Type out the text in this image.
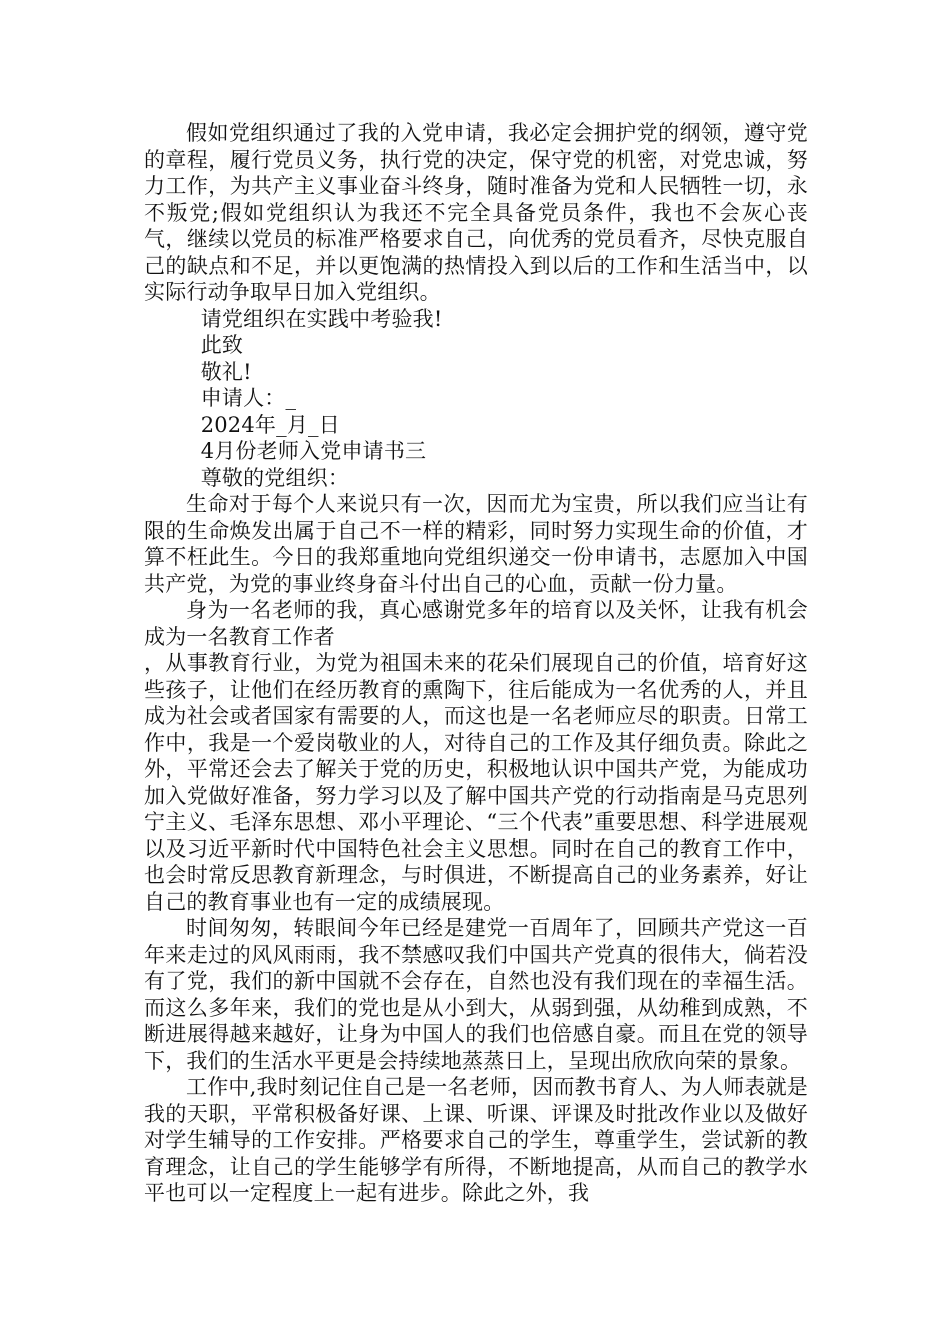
假如党组织通过了我的入党申请，我必定会拥护党的纲领，遵守党的章程，履行党员义务，执行党的决定，保守党的机密，对党忠诚，努力工作，为共产主义事业奋斗终身，随时准备为党和人民牺牲一切，永不叛党;假如党组织认为我还不完全具备党员条件，我也不会灰心丧气，继续以党员的标准严格要求自己，向优秀的党员看齐，尽快克服自己的缺点和不足，并以更饱满的热情投入到以后的工作和生活当中，以实际行动争取早日加入党组织。

请党组织在实践中考验我!

此致

敬礼!

申请人：_

2024年_月_日

4月份老师入党申请书三

尊敬的党组织：

生命对于每个人来说只有一次，因而尤为宝贵，所以我们应当让有限的生命焕发出属于自己不一样的精彩，同时努力实现生命的价值，才算不枉此生。今日的我郑重地向党组织递交一份申请书，志愿加入中国共产党，为党的事业终身奋斗付出自己的心血，贡献一份力量。

身为一名老师的我，真心感谢党多年的培育以及关怀，让我有机会成为一名教育工作者

，从事教育行业，为党为祖国未来的花朵们展现自己的价值，培育好这些孩子，让他们在经历教育的熏陶下，往后能成为一名优秀的人，并且成为社会或者国家有需要的人，而这也是一名老师应尽的职责。日常工作中，我是一个爱岗敬业的人，对待自己的工作及其仔细负责。除此之外，平常还会去了解关于党的历史，积极地认识中国共产党，为能成功加入党做好准备，努力学习以及了解中国共产党的行动指南是马克思列宁主义、毛泽东思想、邓小平理论、“三个代表”重要思想、科学进展观以及习近平新时代中国特色社会主义思想。同时在自己的教育工作中，也会时常反思教育新理念，与时俱进，不断提高自己的业务素养，好让自己的教育事业也有一定的成绩展现。

时间匆匆，转眼间今年已经是建党一百周年了，回顾共产党这一百年来走过的风风雨雨，我不禁感叹我们中国共产党真的很伟大，倘若没有了党，我们的新中国就不会存在，自然也没有我们现在的幸福生活。而这么多年来，我们的党也是从小到大，从弱到强，从幼稚到成熟，不断进展得越来越好，让身为中国人的我们也倍感自豪。而且在党的领导下，我们的生活水平更是会持续地蒸蒸日上，呈现出欣欣向荣的景象。

工作中,我时刻记住自己是一名老师，因而教书育人、为人师表就是我的天职，平常积极备好课、上课、听课、评课及时批改作业以及做好对学生辅导的工作安排。严格要求自己的学生，尊重学生，尝试新的教育理念，让自己的学生能够学有所得，不断地提高，从而自己的教学水平也可以一定程度上一起有进步。除此之外，我
